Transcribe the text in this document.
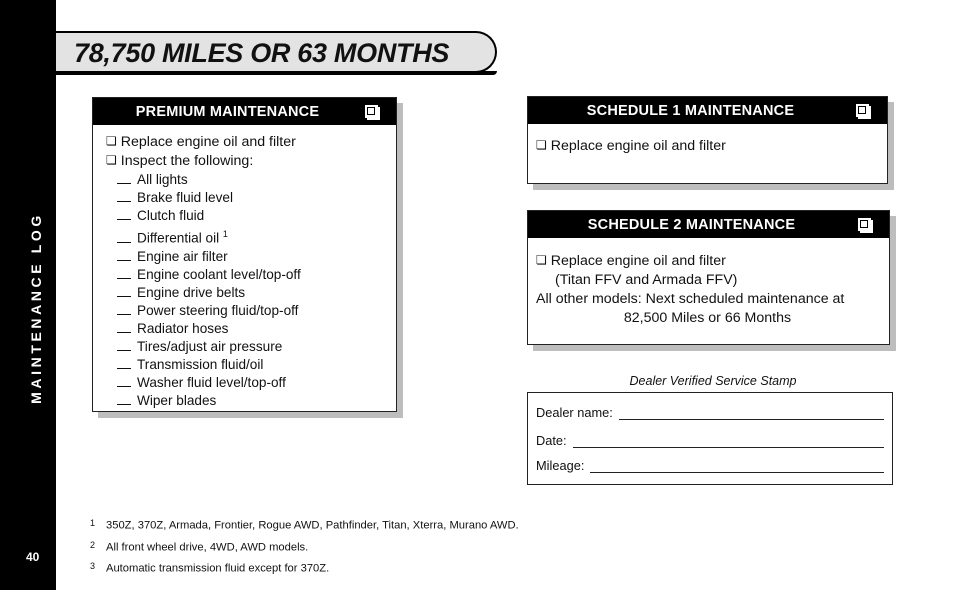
MAINTENANCE LOG
40
78,750 MILES OR 63 MONTHS
PREMIUM MAINTENANCE
❏ Replace engine oil and filter
❏ Inspect the following:
All lights
Brake fluid level
Clutch fluid
Differential oil $^1$
Engine air filter
Engine coolant level/top-off
Engine drive belts
Power steering fluid/top-off
Radiator hoses
Tires/adjust air pressure
Transmission fluid/oil
Washer fluid level/top-off
Wiper blades
SCHEDULE 1 MAINTENANCE
❏ Replace engine oil and filter
SCHEDULE 2 MAINTENANCE
❏ Replace engine oil and filter
(Titan FFV and Armada FFV)
All other models: Next scheduled maintenance at
82,500 Miles or 66 Months
Dealer Verified Service Stamp
Dealer name:
Date:
Mileage:
1 350Z, 370Z, Armada, Frontier, Rogue AWD, Pathfinder, Titan, Xterra, Murano AWD.
2 All front wheel drive, 4WD, AWD models.
3 Automatic transmission fluid except for 370Z.
